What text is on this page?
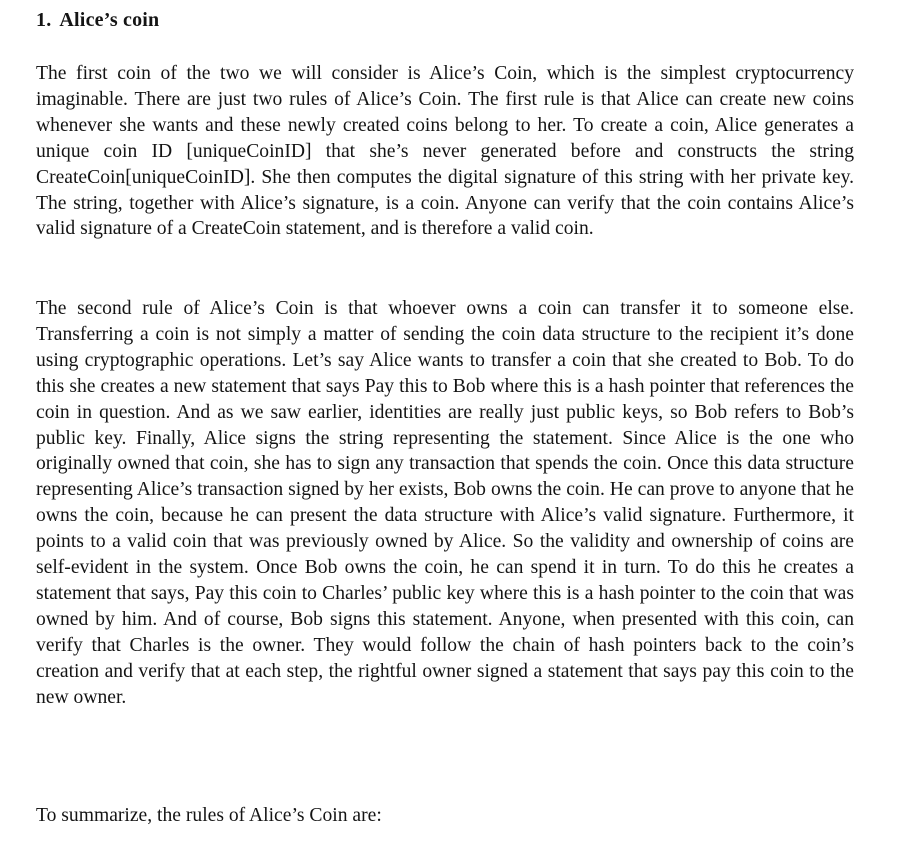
1. Alice’s coin

The first coin of the two we will consider is Alice’s Coin, which is the simplest cryptocurrency imaginable. There are just two rules of Alice’s Coin. The first rule is that Alice can create new coins whenever she wants and these newly created coins belong to her. To create a coin, Alice generates a unique coin ID [uniqueCoinID] that she’s never generated before and constructs the string CreateCoin[uniqueCoinID]. She then computes the digital signature of this string with her private key. The string, together with Alice’s signature, is a coin. Anyone can verify that the coin contains Alice’s valid signature of a CreateCoin statement, and is therefore a valid coin.

The second rule of Alice’s Coin is that whoever owns a coin can transfer it to someone else. Transferring a coin is not simply a matter of sending the coin data structure to the recipient it’s done using cryptographic operations. Let’s say Alice wants to transfer a coin that she created to Bob. To do this she creates a new statement that says Pay this to Bob where this is a hash pointer that references the coin in question. And as we saw earlier, identities are really just public keys, so Bob refers to Bob’s public key. Finally, Alice signs the string representing the statement. Since Alice is the one who originally owned that coin, she has to sign any transaction that spends the coin. Once this data structure representing Alice’s transaction signed by her exists, Bob owns the coin. He can prove to anyone that he owns the coin, because he can present the data structure with Alice’s valid signature. Furthermore, it points to a valid coin that was previously owned by Alice. So the validity and ownership of coins are self-evident in the system. Once Bob owns the coin, he can spend it in turn. To do this he creates a statement that says, Pay this coin to Charles’ public key where this is a hash pointer to the coin that was owned by him. And of course, Bob signs this statement. Anyone, when presented with this coin, can verify that Charles is the owner. They would follow the chain of hash pointers back to the coin’s creation and verify that at each step, the rightful owner signed a statement that says pay this coin to the new owner.

To summarize, the rules of Alice’s Coin are:
